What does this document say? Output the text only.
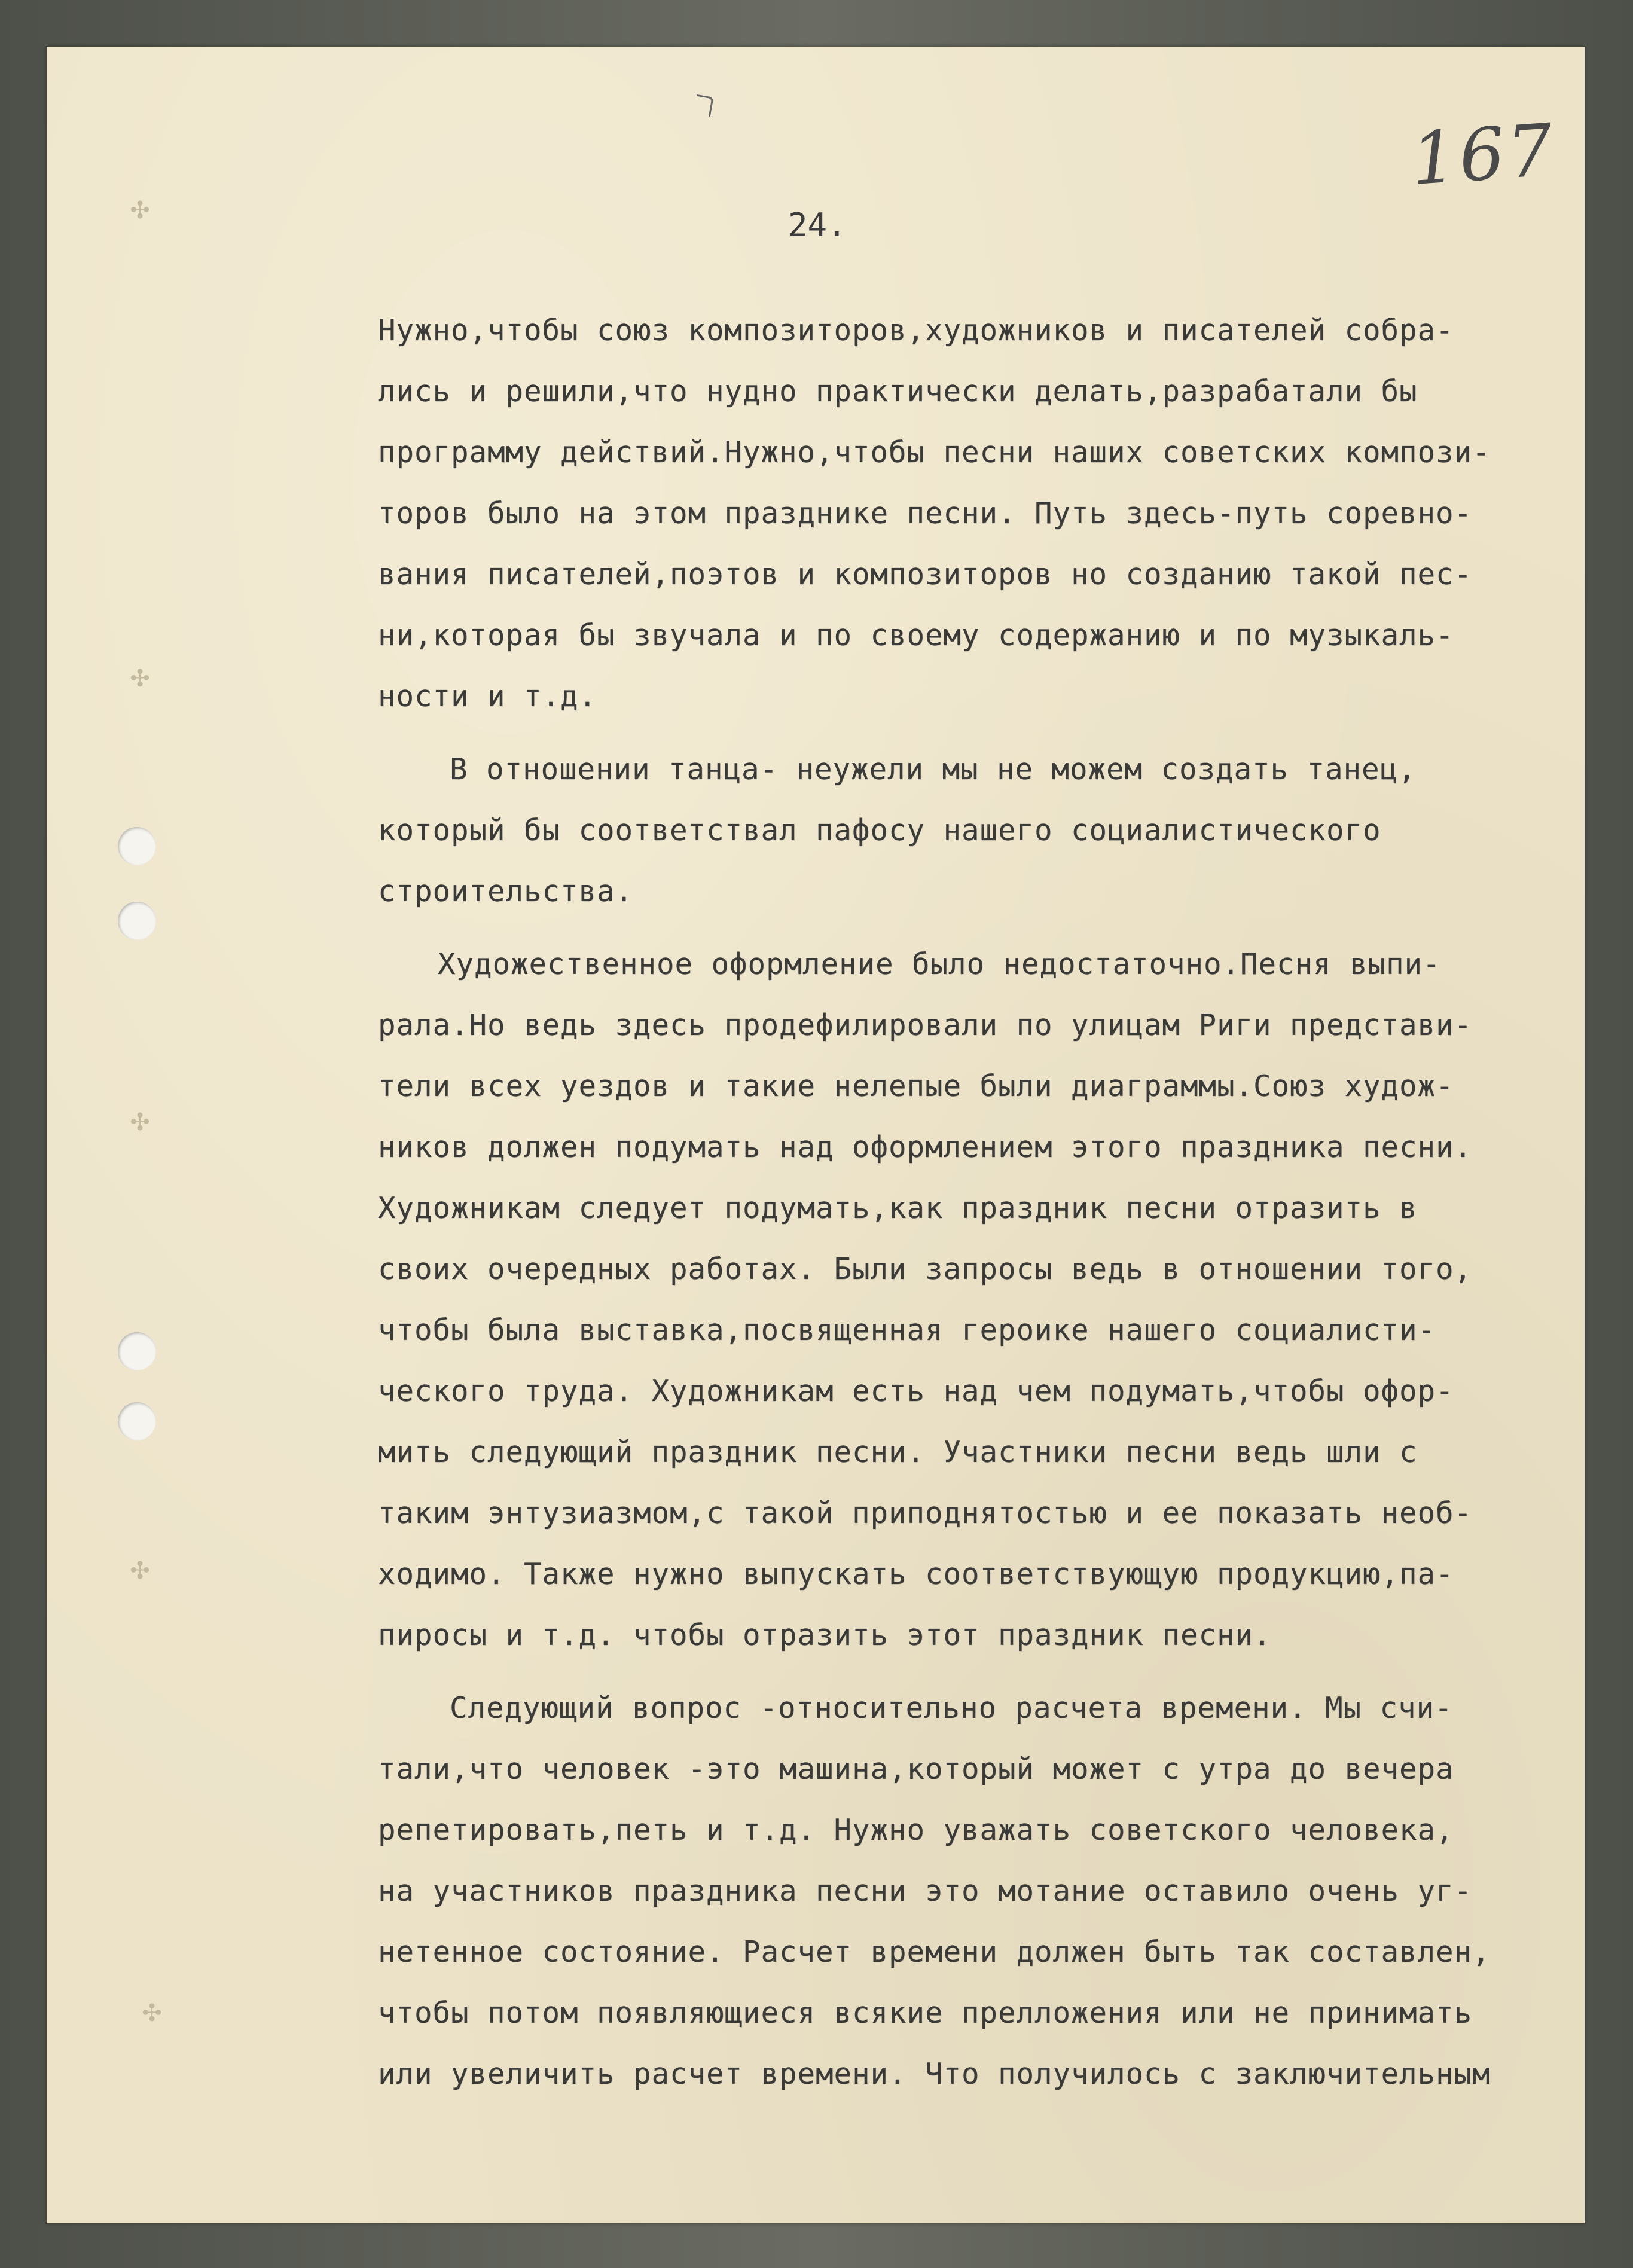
✣
✣
✣
✣
✣
167
24.
Нужно,чтобы союз композиторов,художников и писателей собра-
лись и решили,что нудно практически делать,разрабатали бы
программу действий.Нужно,чтобы песни наших советских компози-
торов было на этом празднике песни. Путь здесь-путь соревно-
вания писателей,поэтов и композиторов но созданию такой пес-
ни,которая бы звучала и по своему содержанию и по музыкаль-
ности и т.д.
В отношении танца- неужели мы не можем создать танец,
который бы соответствал пафосу нашего социалистического
строительства.
Художественное оформление было недостаточно.Песня выпи-
рала.Но ведь здесь продефилировали по улицам Риги представи-
тели всех уездов и такие нелепые были диаграммы.Союз худож-
ников должен подумать над оформлением этого праздника песни.
Художникам следует подумать,как праздник песни отразить в
своих очередных работах. Были запросы ведь в отношении того,
чтобы была выставка,посвященная героике нашего социалисти-
ческого труда. Художникам есть над чем подумать,чтобы офор-
мить следующий праздник песни. Участники песни ведь шли с
таким энтузиазмом,с такой приподнятостью и ее показать необ-
ходимо. Также нужно выпускать соответствующую продукцию,па-
пиросы и т.д. чтобы отразить этот праздник песни.
Следующий вопрос -относительно расчета времени. Мы счи-
тали,что человек -это машина,который может с утра до вечера
репетировать,петь и т.д. Нужно уважать советского человека,
на участников праздника песни это мотание оставило очень уг-
нетенное состояние. Расчет времени должен быть так составлен,
чтобы потом появляющиеся всякие прелложения или не принимать
или увеличить расчет времени. Что получилось с заключительным
